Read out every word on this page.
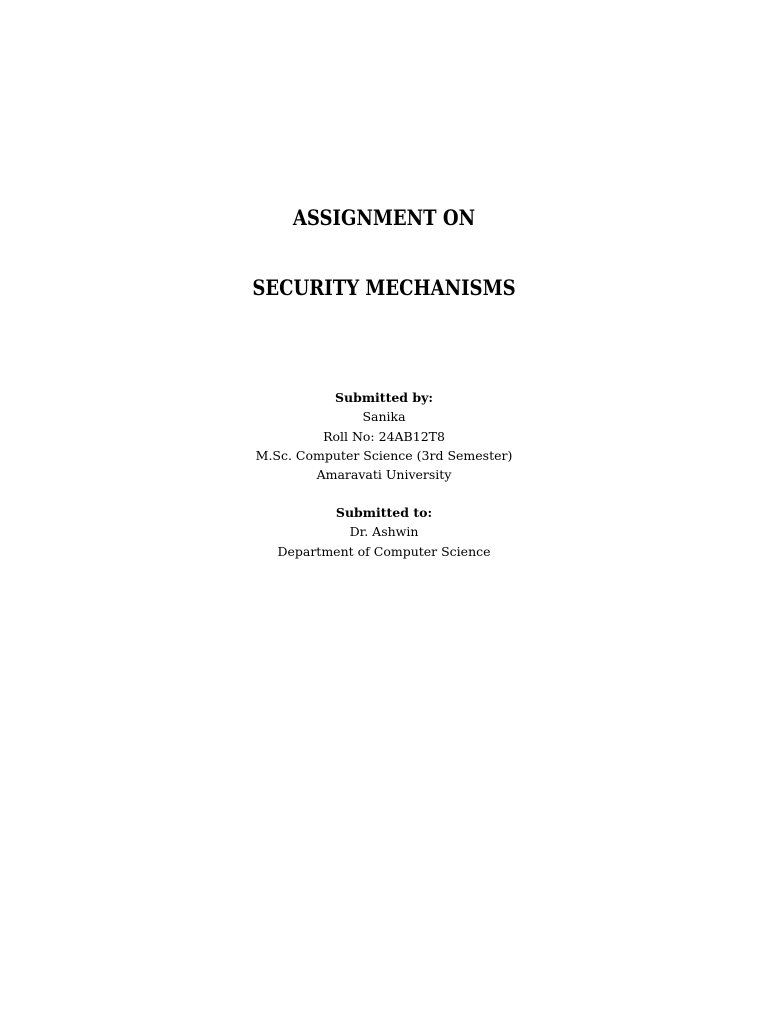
ASSIGNMENT ON
SECURITY MECHANISMS
Submitted by:
Sanika
Roll No: 24AB12T8
M.Sc. Computer Science (3rd Semester)
Amaravati University
Submitted to:
Dr. Ashwin
Department of Computer Science
